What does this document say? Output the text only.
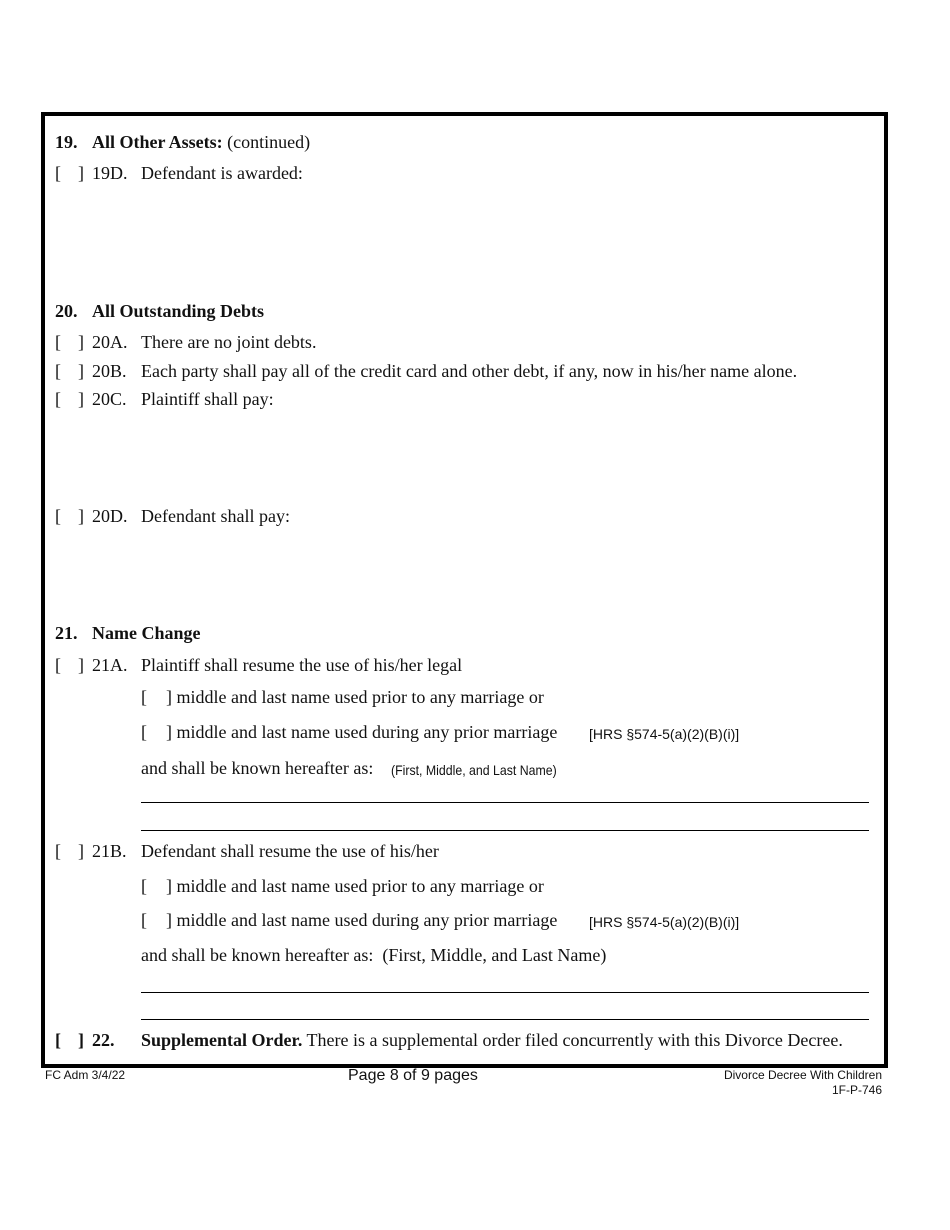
19. All Other Assets: (continued)
[ ] 19D. Defendant is awarded:
20. All Outstanding Debts
[ ] 20A. There are no joint debts.
[ ] 20B. Each party shall pay all of the credit card and other debt, if any, now in his/her name alone.
[ ] 20C. Plaintiff shall pay:
[ ] 20D. Defendant shall pay:
21. Name Change
[ ] 21A. Plaintiff shall resume the use of his/her legal
[ ] middle and last name used prior to any marriage or
[ ] middle and last name used during any prior marriage [HRS §574-5(a)(2)(B)(i)]
and shall be known hereafter as: (First, Middle, and Last Name)
[ ] 21B. Defendant shall resume the use of his/her
[ ] middle and last name used prior to any marriage or
[ ] middle and last name used during any prior marriage [HRS §574-5(a)(2)(B)(i)]
and shall be known hereafter as: (First, Middle, and Last Name)
[ ] 22. Supplemental Order. There is a supplemental order filed concurrently with this Divorce Decree.
FC Adm 3/4/22	Page 8 of 9 pages	Divorce Decree With Children
1F-P-746
